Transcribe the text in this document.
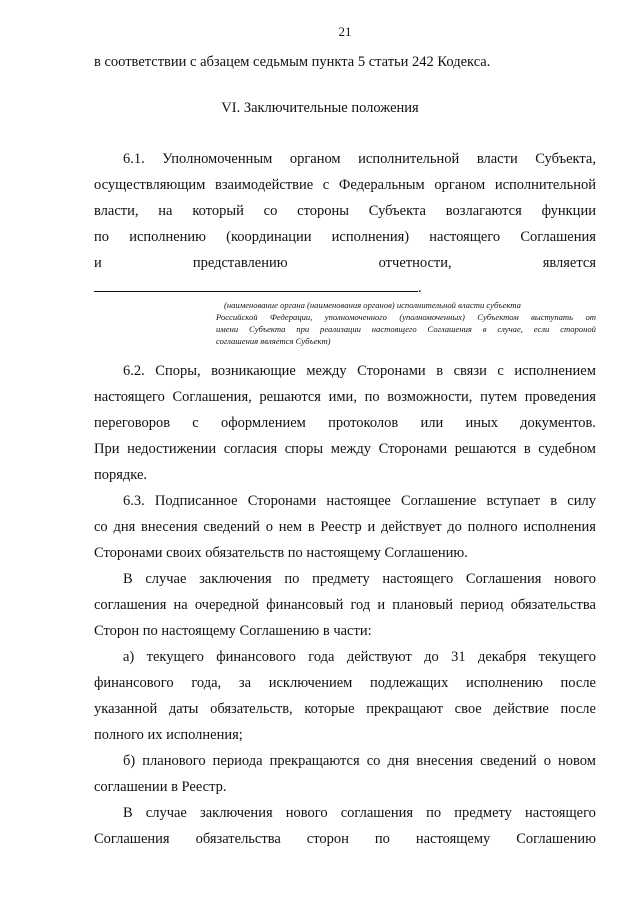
21
в соответствии с абзацем седьмым пункта 5 статьи 242 Кодекса.
VI. Заключительные положения
6.1. Уполномоченным органом исполнительной власти Субъекта,
осуществляющим взаимодействие с Федеральным органом исполнительной
власти, на который со стороны Субъекта возлагаются функции
по исполнению (координации исполнения) настоящего Соглашения
и	представлению	отчетности,	является
.
(наименование органа (наименования органов) исполнительной власти субъекта
Российской Федерации, уполномоченного (уполномоченных) Субъектом выступать от
имени Субъекта при реализации настоящего Соглашения в случае, если стороной
соглашения является Субъект)
6.2. Споры, возникающие между Сторонами в связи с исполнением
настоящего Соглашения, решаются ими, по возможности, путем проведения
переговоров с оформлением протоколов или иных документов.
При недостижении согласия споры между Сторонами решаются в судебном
порядке.
6.3. Подписанное Сторонами настоящее Соглашение вступает в силу
со дня внесения сведений о нем в Реестр и действует до полного исполнения
Сторонами своих обязательств по настоящему Соглашению.
В случае заключения по предмету настоящего Соглашения нового
соглашения на очередной финансовый год и плановый период обязательства
Сторон по настоящему Соглашению в части:
а) текущего финансового года действуют до 31 декабря текущего
финансового года, за исключением подлежащих исполнению после
указанной даты обязательств, которые прекращают свое действие после
полного их исполнения;
б) планового периода прекращаются со дня внесения сведений о новом
соглашении в Реестр.
В случае заключения нового соглашения по предмету настоящего
Соглашения обязательства сторон по настоящему Соглашению
